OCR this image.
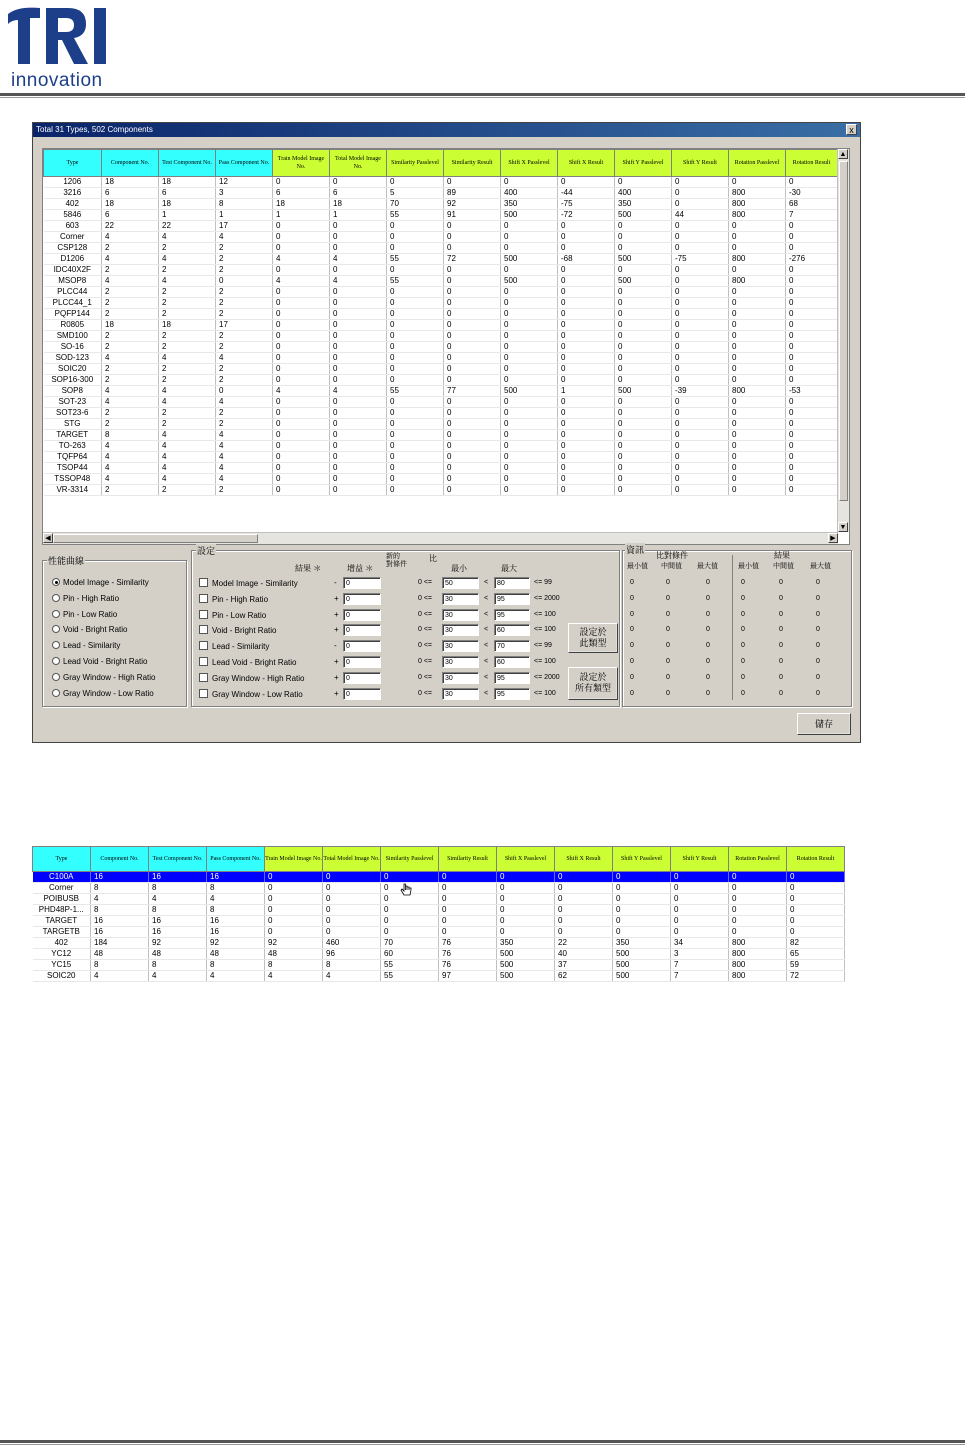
innovation
Total 31 Types, 502 Components	x
Type	Component No.	Test Component No.	Pass Component No.	Train Model Image No.	Total Model Image No.	Similarity Passlevel	Similarity Result	Shift X Passlevel	Shift X Result	Shift Y Passlevel	Shift Y Result	Rotation Passlevel	Rotation Result
1206	18	18	12	0	0	0	0	0	0	0	0	0	0
3216	6	6	3	6	6	5	89	400	-44	400	0	800	-30
402	18	18	8	18	18	70	92	350	-75	350	0	800	68
5846	6	1	1	1	1	55	91	500	-72	500	44	800	7
603	22	22	17	0	0	0	0	0	0	0	0	0	0
Corner	4	4	4	0	0	0	0	0	0	0	0	0	0
CSP128	2	2	2	0	0	0	0	0	0	0	0	0	0
D1206	4	4	2	4	4	55	72	500	-68	500	-75	800	-276
IDC40X2F	2	2	2	0	0	0	0	0	0	0	0	0	0
MSOP8	4	4	0	4	4	55	0	500	0	500	0	800	0
PLCC44	2	2	2	0	0	0	0	0	0	0	0	0	0
PLCC44_1	2	2	2	0	0	0	0	0	0	0	0	0	0
PQFP144	2	2	2	0	0	0	0	0	0	0	0	0	0
R0805	18	18	17	0	0	0	0	0	0	0	0	0	0
SMD100	2	2	2	0	0	0	0	0	0	0	0	0	0
SO-16	2	2	2	0	0	0	0	0	0	0	0	0	0
SOD-123	4	4	4	0	0	0	0	0	0	0	0	0	0
SOIC20	2	2	2	0	0	0	0	0	0	0	0	0	0
SOP16-300	2	2	2	0	0	0	0	0	0	0	0	0	0
SOP8	4	4	0	4	4	55	77	500	1	500	-39	800	-53
SOT-23	4	4	4	0	0	0	0	0	0	0	0	0	0
SOT23-6	2	2	2	0	0	0	0	0	0	0	0	0	0
STG	2	2	2	0	0	0	0	0	0	0	0	0	0
TARGET	8	4	4	0	0	0	0	0	0	0	0	0	0
TO-263	4	4	4	0	0	0	0	0	0	0	0	0	0
TQFP64	4	4	4	0	0	0	0	0	0	0	0	0	0
TSOP44	4	4	4	0	0	0	0	0	0	0	0	0	0
TSSOP48	4	4	4	0	0	0	0	0	0	0	0	0	0
VR-3314	2	2	2	0	0	0	0	0	0	0	0	0	0
▲
▼
◀	▶
性能曲線
Model Image - Similarity
Pin - High Ratio
Pin - Low Ratio
Void - Bright Ratio
Lead - Similarity
Lead Void - Bright Ratio
Gray Window - High Ratio
Gray Window - Low Ratio
設定
結果 ＊	增益 ＊
新的
對條件
比
最小	最大
Model Image - Similarity	-	0	0 <=	50	<	80	<= 99
Pin - High Ratio	+	0	0 <=	30	<	95	<= 2000
Pin - Low Ratio	+	0	0 <=	30	<	95	<= 100
Void - Bright Ratio	+	0	0 <=	30	<	60	<= 100
Lead - Similarity	-	0	0 <=	30	<	70	<= 99
Lead Void - Bright Ratio	+	0	0 <=	30	<	60	<= 100
Gray Window - High Ratio	+	0	0 <=	30	<	95	<= 2000
Gray Window - Low Ratio	+	0	0 <=	30	<	95	<= 100
設定於
此類型
設定於
所有類型
資訊
比對條件	結果
最小值 中間值 最大值	最小值 中間值 最大值
0	0	0	0	0	0
0	0	0	0	0	0
0	0	0	0	0	0
0	0	0	0	0	0
0	0	0	0	0	0
0	0	0	0	0	0
0	0	0	0	0	0
0	0	0	0	0	0
儲存
Type	Component No.	Test Component No.	Pass Component No.	Train Model Image No.	Total Model Image No.	Similarity Passlevel	Similarity Result	Shift X Passlevel	Shift X Result	Shift Y Passlevel	Shift Y Result	Rotation Passlevel	Rotation Result
C100A	16	16	16	0	0	0	0	0	0	0	0	0	0
Corner	8	8	8	0	0	0	0	0	0	0	0	0	0
POIBUSB	4	4	4	0	0	0	0	0	0	0	0	0	0
PHD48P-1...	8	8	8	0	0	0	0	0	0	0	0	0	0
TARGET	16	16	16	0	0	0	0	0	0	0	0	0	0
TARGETB	16	16	16	0	0	0	0	0	0	0	0	0	0
402	184	92	92	92	460	70	76	350	22	350	34	800	82
YC12	48	48	48	48	96	60	76	500	40	500	3	800	65
YC15	8	8	8	8	8	55	76	500	37	500	7	800	59
SOIC20	4	4	4	4	4	55	97	500	62	500	7	800	72
